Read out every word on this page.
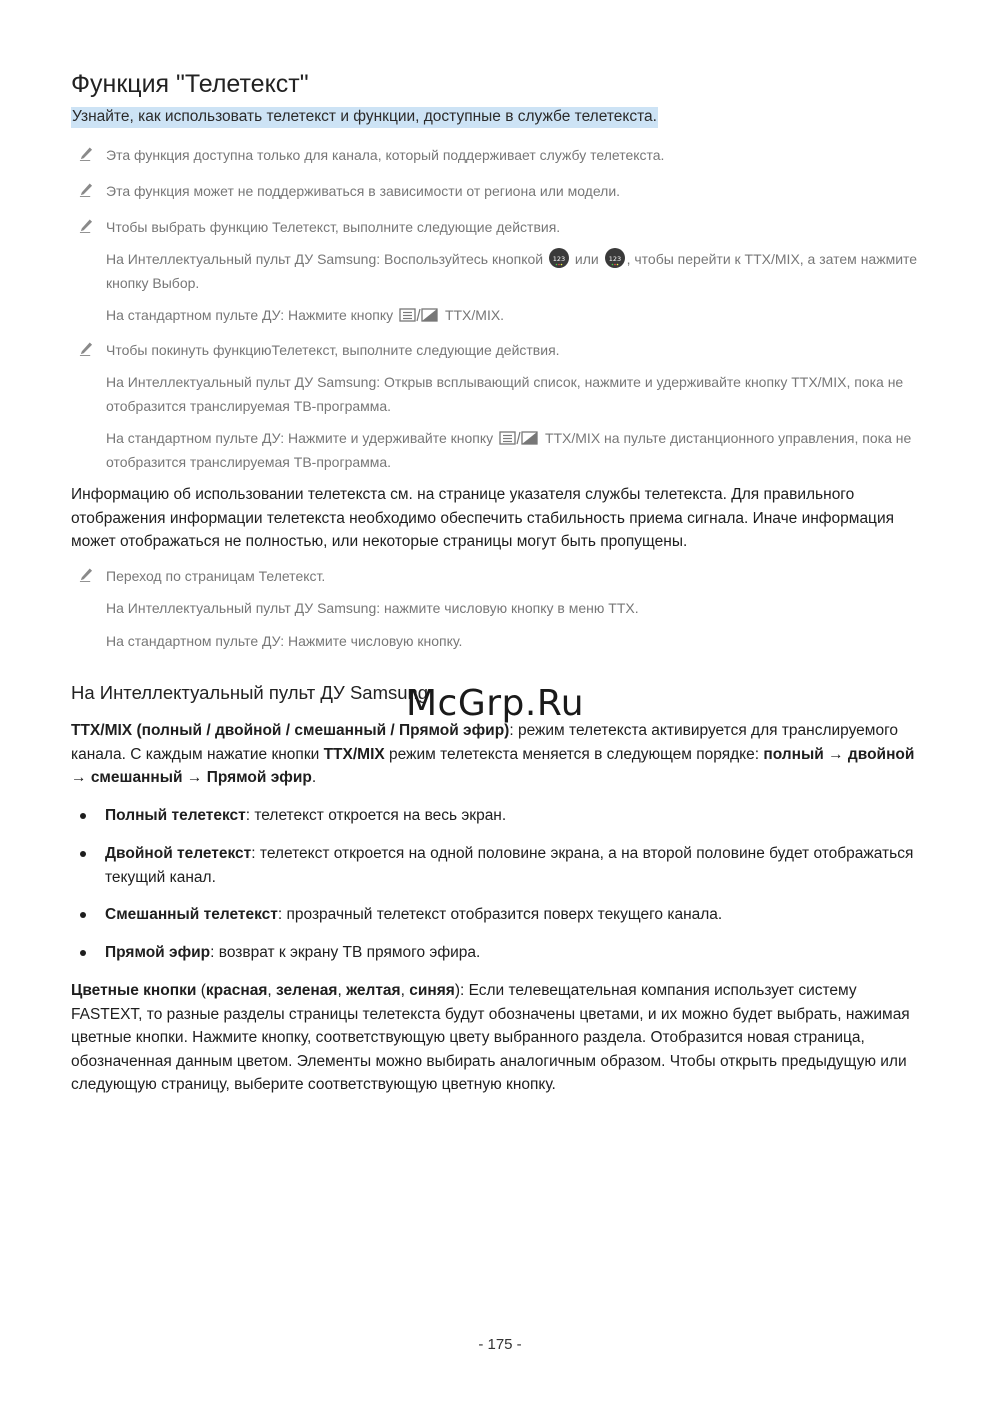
Функция "Телетекст"

Узнайте, как использовать телетекст и функции, доступные в службе телетекста.

Эта функция доступна только для канала, который поддерживает службу телетекста.

Эта функция может не поддерживаться в зависимости от региона или модели.

Чтобы выбрать функцию Телетекст, выполните следующие действия.

На Интеллектуальный пульт ДУ Samsung: Воспользуйтесь кнопкой 123 или 123 , чтобы перейти к TTX/MIX, а затем нажмите кнопку Выбор.

На стандартном пульте ДУ: Нажмите кнопку	TTX/MIX.

Чтобы покинуть функциюТелетекст, выполните следующие действия.

На Интеллектуальный пульт ДУ Samsung: Открыв всплывающий список, нажмите и удерживайте кнопку TTX/MIX, пока не отобразится транслируемая ТВ-программа.

На стандартном пульте ДУ: Нажмите и удерживайте кнопку	TTX/MIX на пульте дистанционного управления, пока не отобразится транслируемая ТВ-программа.

Информацию об использовании телетекста см. на странице указателя службы телетекста. Для правильного отображения информации телетекста необходимо обеспечить стабильность приема сигнала. Иначе информация может отображаться не полностью, или некоторые страницы могут быть пропущены.

Переход по страницам Телетекст.

На Интеллектуальный пульт ДУ Samsung: нажмите числовую кнопку в меню TTX.

На стандартном пульте ДУ: Нажмите числовую кнопку.

На Интеллектуальный пульт ДУ Samsung

TTX/MIX (полный / двойной / смешанный / Прямой эфир): режим телетекста активируется для транслируемого канала. С каждым нажатие кнопки TTX/MIX режим телетекста меняется в следующем порядке: полный → двойной → смешанный → Прямой эфир.

Полный телетекст: телетекст откроется на весь экран.

Двойной телетекст: телетекст откроется на одной половине экрана, а на второй половине будет отображаться текущий канал.

Смешанный телетекст: прозрачный телетекст отобразится поверх текущего канала.

Прямой эфир: возврат к экрану ТВ прямого эфира.

Цветные кнопки (красная, зеленая, желтая, синяя): Если телевещательная компания использует систему FASTEXT, то разные разделы страницы телетекста будут обозначены цветами, и их можно будет выбрать, нажимая цветные кнопки. Нажмите кнопку, соответствующую цвету выбранного раздела. Отобразится новая страница, обозначенная данным цветом. Элементы можно выбирать аналогичным образом. Чтобы открыть предыдущую или следующую страницу, выберите соответствующую цветную кнопку.

McGrp.Ru
- 175 -
